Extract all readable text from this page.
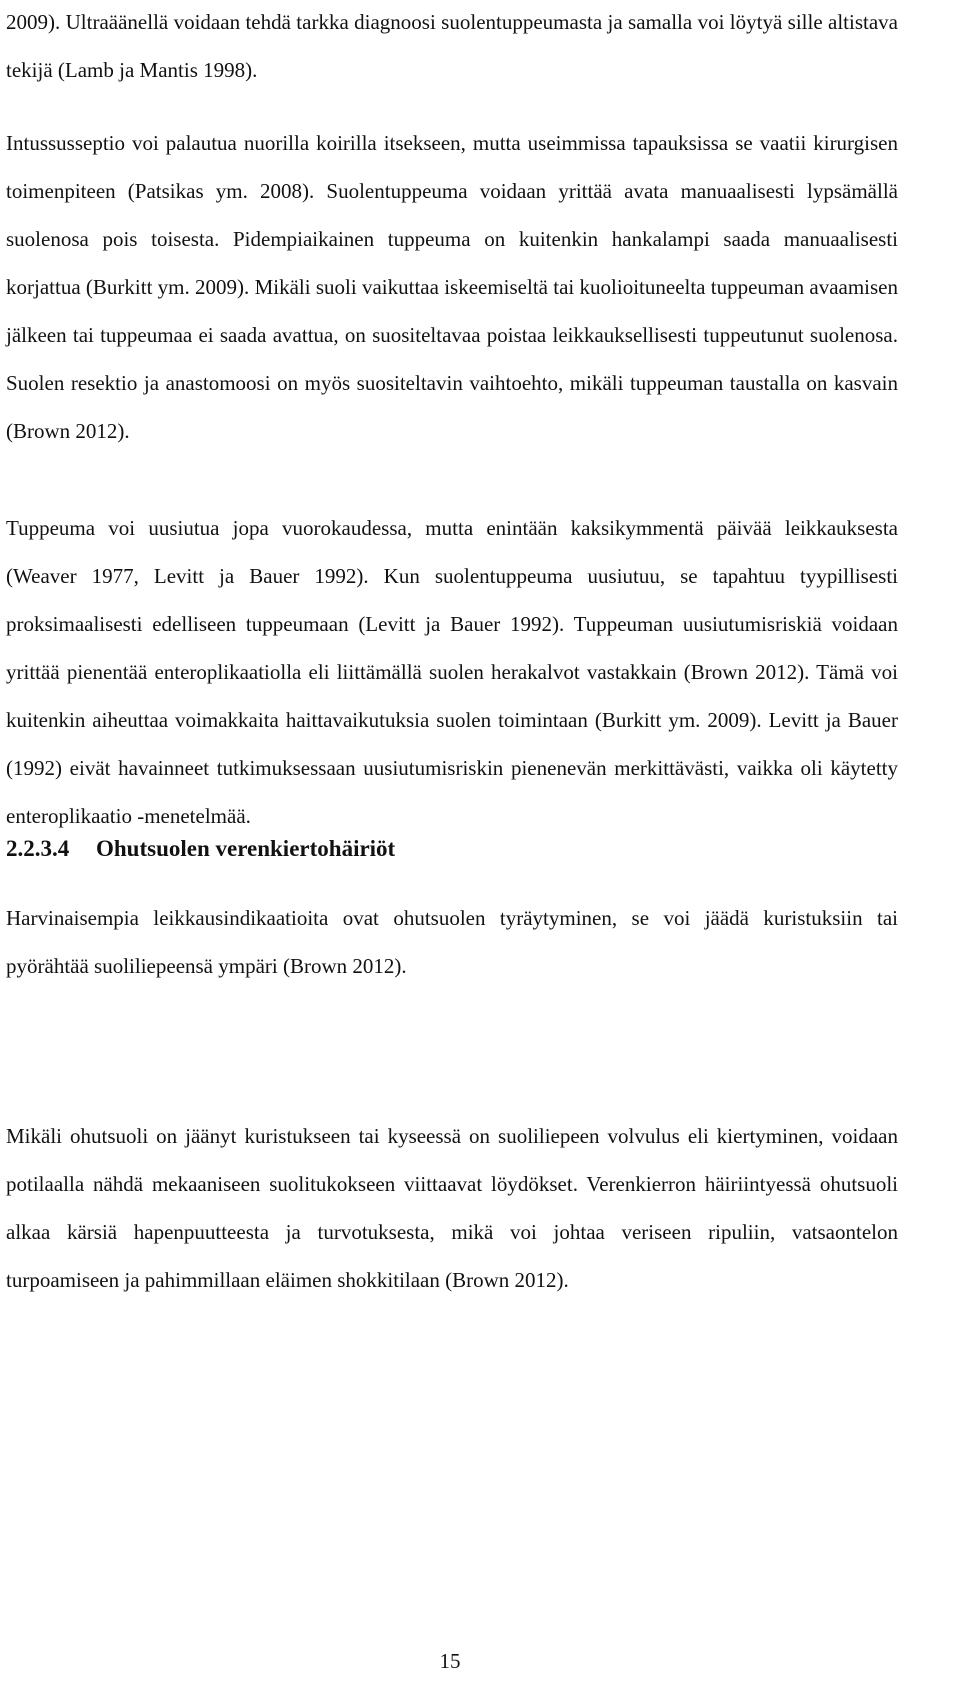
2009). Ultraäänellä voidaan tehdä tarkka diagnoosi suolentuppeumasta ja samalla voi löytyä sille altistava tekijä (Lamb ja Mantis 1998).

Intussusseptio voi palautua nuorilla koirilla itsekseen, mutta useimmissa tapauksissa se vaatii kirurgisen toimenpiteen (Patsikas ym. 2008). Suolentuppeuma voidaan yrittää avata manuaalisesti lypsämällä suolenosa pois toisesta. Pidempiaikainen tuppeuma on kuitenkin hankalampi saada manuaalisesti korjattua (Burkitt ym. 2009). Mikäli suoli vaikuttaa iskeemiseltä tai kuolioituneelta tuppeuman avaamisen jälkeen tai tuppeumaa ei saada avattua, on suositeltavaa poistaa leikkauksellisesti tuppeutunut suolenosa. Suolen resektio ja anastomoosi on myös suositeltavin vaihtoehto, mikäli tuppeuman taustalla on kasvain (Brown 2012).

Tuppeuma voi uusiutua jopa vuorokaudessa, mutta enintään kaksikymmentä päivää leikkauksesta (Weaver 1977, Levitt ja Bauer 1992). Kun suolentuppeuma uusiutuu, se tapahtuu tyypillisesti proksimaalisesti edelliseen tuppeumaan (Levitt ja Bauer 1992). Tuppeuman uusiutumisriskiä voidaan yrittää pienentää enteroplikaatiolla eli liittämällä suolen herakalvot vastakkain (Brown 2012). Tämä voi kuitenkin aiheuttaa voimakkaita haittavaikutuksia suolen toimintaan (Burkitt ym. 2009). Levitt ja Bauer (1992) eivät havainneet tutkimuksessaan uusiutumisriskin pienenevän merkittävästi, vaikka oli käytetty enteroplikaatio -menetelmää.

2.2.3.4 Ohutsuolen verenkiertohäiriöt

Harvinaisempia leikkausindikaatioita ovat ohutsuolen tyräytyminen, se voi jäädä kuristuksiin tai pyörähtää suoliliepeensä ympäri (Brown 2012).

Mikäli ohutsuoli on jäänyt kuristukseen tai kyseessä on suoliliepeen volvulus eli kiertyminen, voidaan potilaalla nähdä mekaaniseen suolitukokseen viittaavat löydökset. Verenkierron häiriintyessä ohutsuoli alkaa kärsiä hapenpuutteesta ja turvotuksesta, mikä voi johtaa veriseen ripuliin, vatsaontelon turpoamiseen ja pahimmillaan eläimen shokkitilaan (Brown 2012).

15
